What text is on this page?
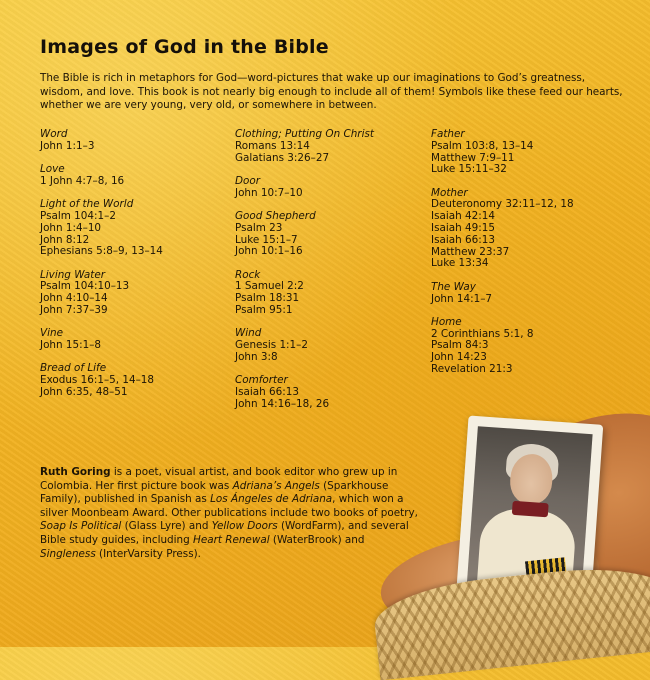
Images of God in the Bible

The Bible is rich in metaphors for God—word-pictures that wake up our imaginations to God’s greatness, wisdom, and love. This book is not nearly big enough to include all of them! Symbols like these feed our hearts, whether we are very young, very old, or somewhere in between.

Word
John 1:1–3
Love
1 John 4:7–8, 16
Light of the World
Psalm 104:1–2
John 1:4–10
John 8:12
Ephesians 5:8–9, 13–14
Living Water
Psalm 104:10–13
John 4:10–14
John 7:37–39
Vine
John 15:1–8
Bread of Life
Exodus 16:1–5, 14–18
John 6:35, 48–51
Clothing; Putting On Christ
Romans 13:14
Galatians 3:26–27
Door
John 10:7–10
Good Shepherd
Psalm 23
Luke 15:1–7
John 10:1–16
Rock
1 Samuel 2:2
Psalm 18:31
Psalm 95:1
Wind
Genesis 1:1–2
John 3:8
Comforter
Isaiah 66:13
John 14:16–18, 26
Father
Psalm 103:8, 13–14
Matthew 7:9–11
Luke 15:11–32
Mother
Deuteronomy 32:11–12, 18
Isaiah 42:14
Isaiah 49:15
Isaiah 66:13
Matthew 23:37
Luke 13:34
The Way
John 14:1–7
Home
2 Corinthians 5:1, 8
Psalm 84:3
John 14:23
Revelation 21:3

Ruth Goring is a poet, visual artist, and book editor who grew up in Colombia. Her first picture book was Adriana’s Angels (Sparkhouse Family), published in Spanish as Los Ángeles de Adriana, which won a silver Moonbeam Award. Other publications include two books of poetry, Soap Is Political (Glass Lyre) and Yellow Doors (WordFarm), and several Bible study guides, including Heart Renewal (WaterBrook) and Singleness (InterVarsity Press).
